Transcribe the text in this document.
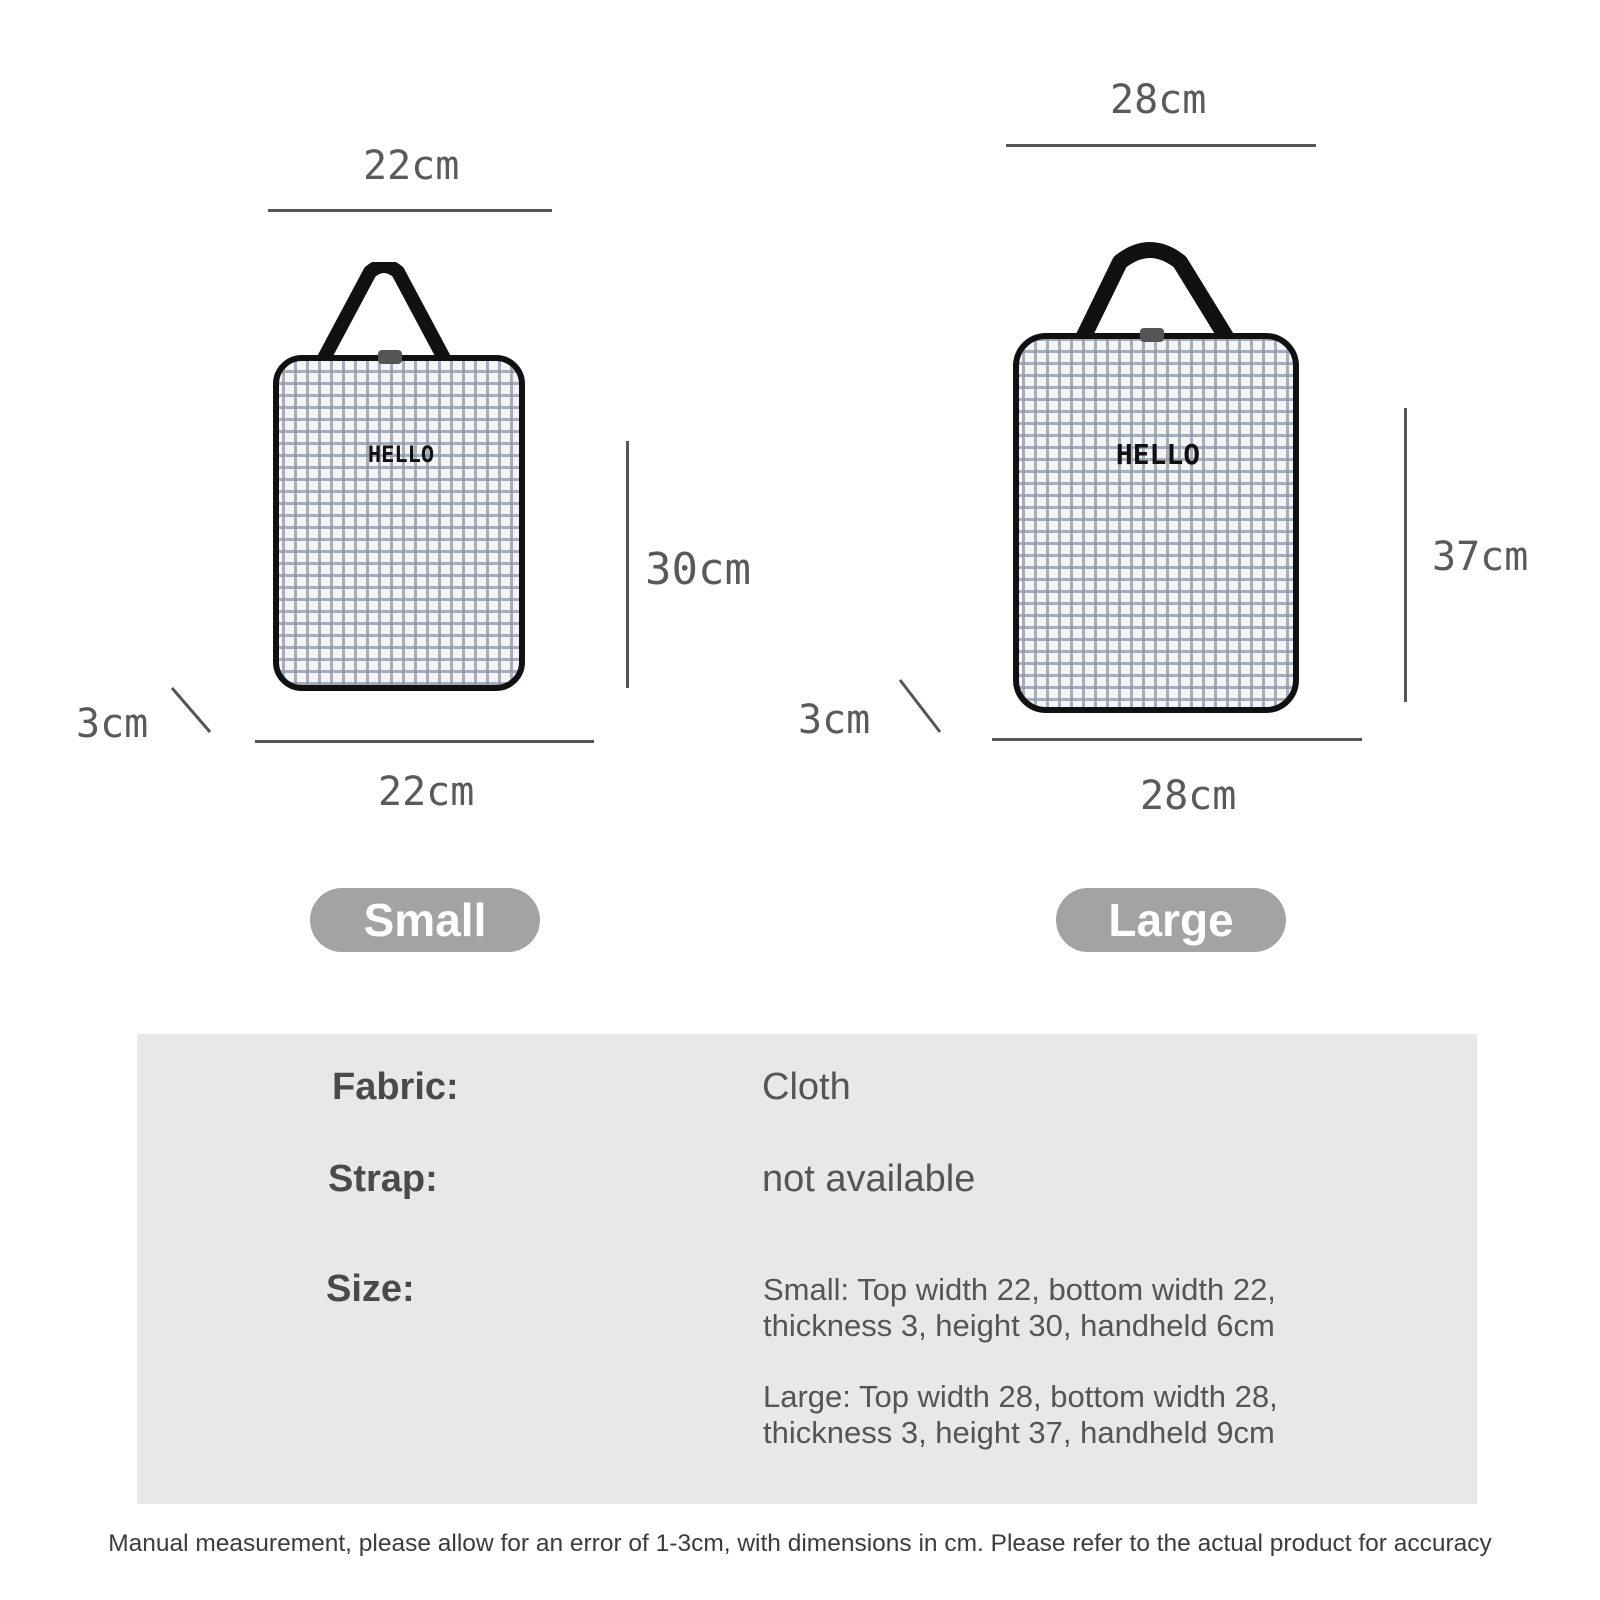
22cm
HELLO
30cm
3cm
22cm
Small
28cm
HELLO
37cm
3cm
28cm
Large
Fabric:	Cloth
Strap:	not available
Size:	Small: Top width 22, bottom width 22, thickness 3, height 30, handheld 6cm
Large: Top width 28, bottom width 28, thickness 3, height 37, handheld 9cm
Manual measurement, please allow for an error of 1-3cm, with dimensions in cm. Please refer to the actual product for accuracy
